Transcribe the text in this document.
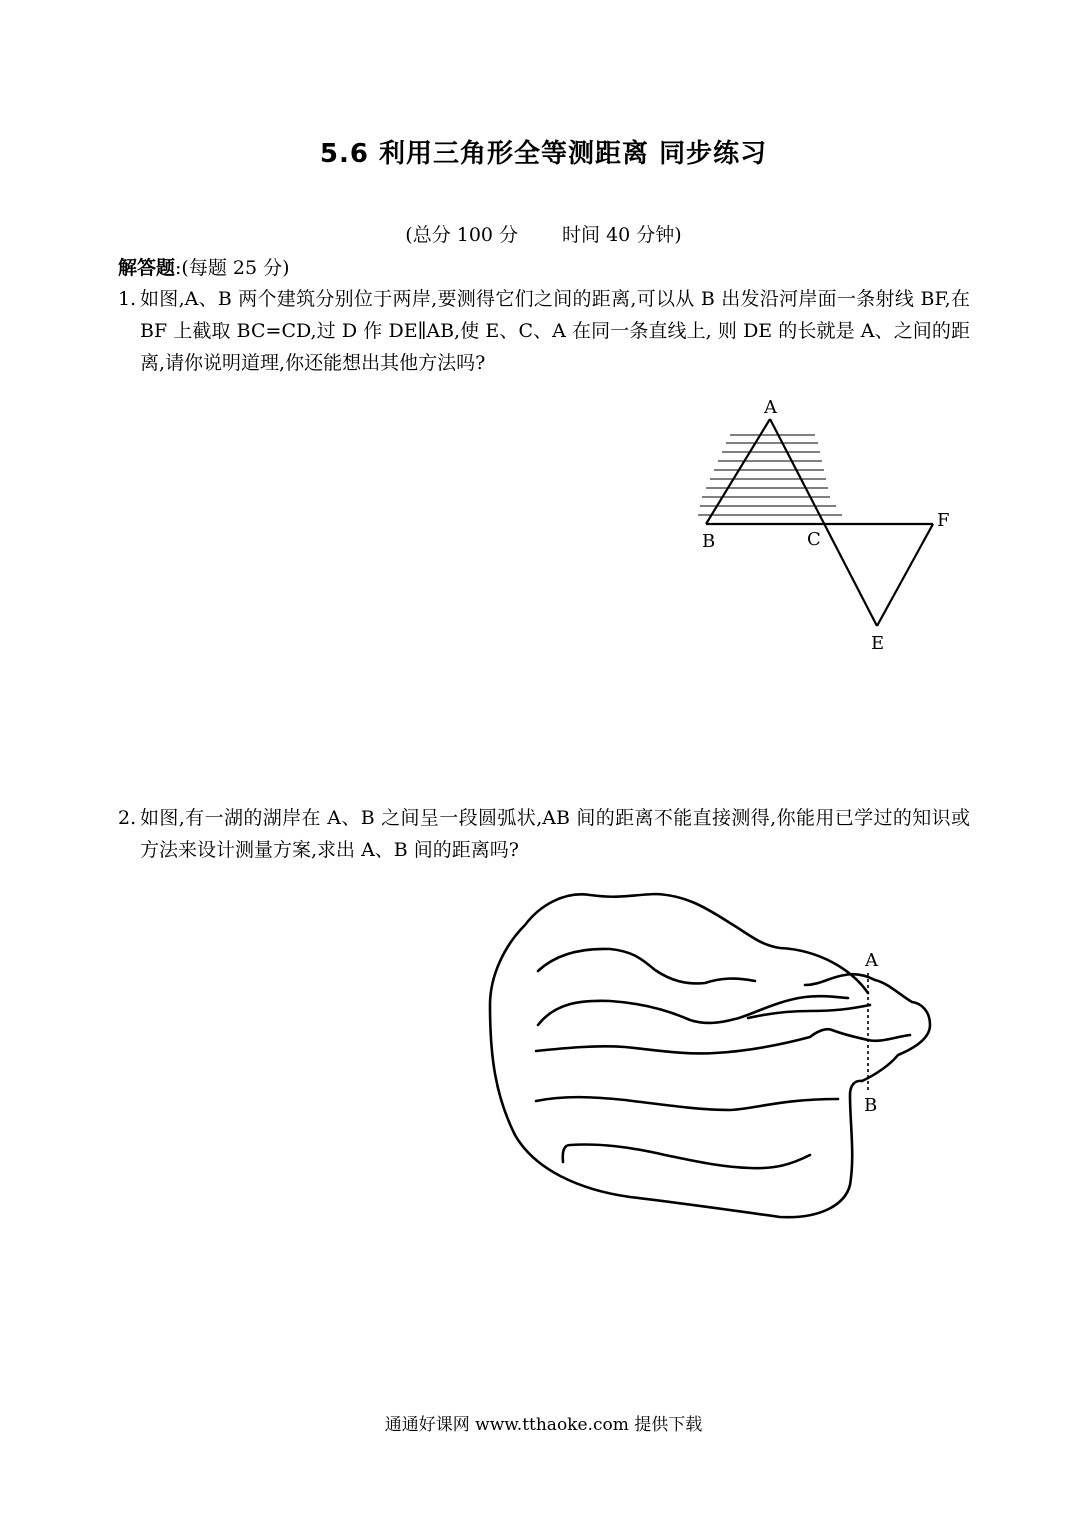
5.6 利用三角形全等测距离 同步练习
(总分 100 分 时间 40 分钟)
解答题:(每题 25 分)
1. 如图,A、B 两个建筑分别位于两岸,要测得它们之间的距离,可以从 B 出发沿河岸面一条射线 BF,在 BF 上截取 BC=CD,过 D 作 DE∥AB,使 E、C、A 在同一条直线上, 则 DE 的长就是 A、之间的距离,请你说明道理,你还能想出其他方法吗?
A
B	C
F
E
2. 如图,有一湖的湖岸在 A、B 之间呈一段圆弧状,AB 间的距离不能直接测得,你能用已学过的知识或方法来设计测量方案,求出 A、B 间的距离吗?
A
B
通通好课网 www.tthaoke.com 提供下载
